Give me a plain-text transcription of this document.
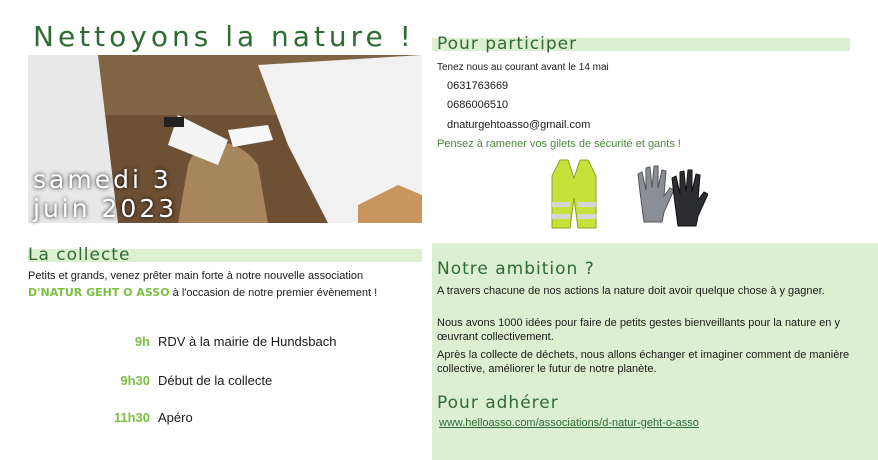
Nettoyons la nature !
samedi 3
juin 2023
Pour participer
Tenez nous au courant avant le 14 mai
0631763669
0686006510
dnaturgehtoasso@gmail.com
Pensez à ramener vos gilets de sécurité et gants !
La collecte
Petits et grands, venez prêter main forte à notre nouvelle association
D'NATUR GEHT O ASSO à l'occasion de notre premier évènement !
9h RDV à la mairie de Hundsbach
9h30 Début de la collecte
11h30 Apéro
Notre ambition ?
A travers chacune de nos actions la nature doit avoir quelque chose à y gagner.
Nous avons 1000 idées pour faire de petits gestes bienveillants pour la nature en y œuvrant collectivement.
Après la collecte de déchets, nous allons échanger et imaginer comment de manière collective, améliorer le futur de notre planète.
Pour adhérer
www.helloasso.com/associations/d-natur-geht-o-asso
